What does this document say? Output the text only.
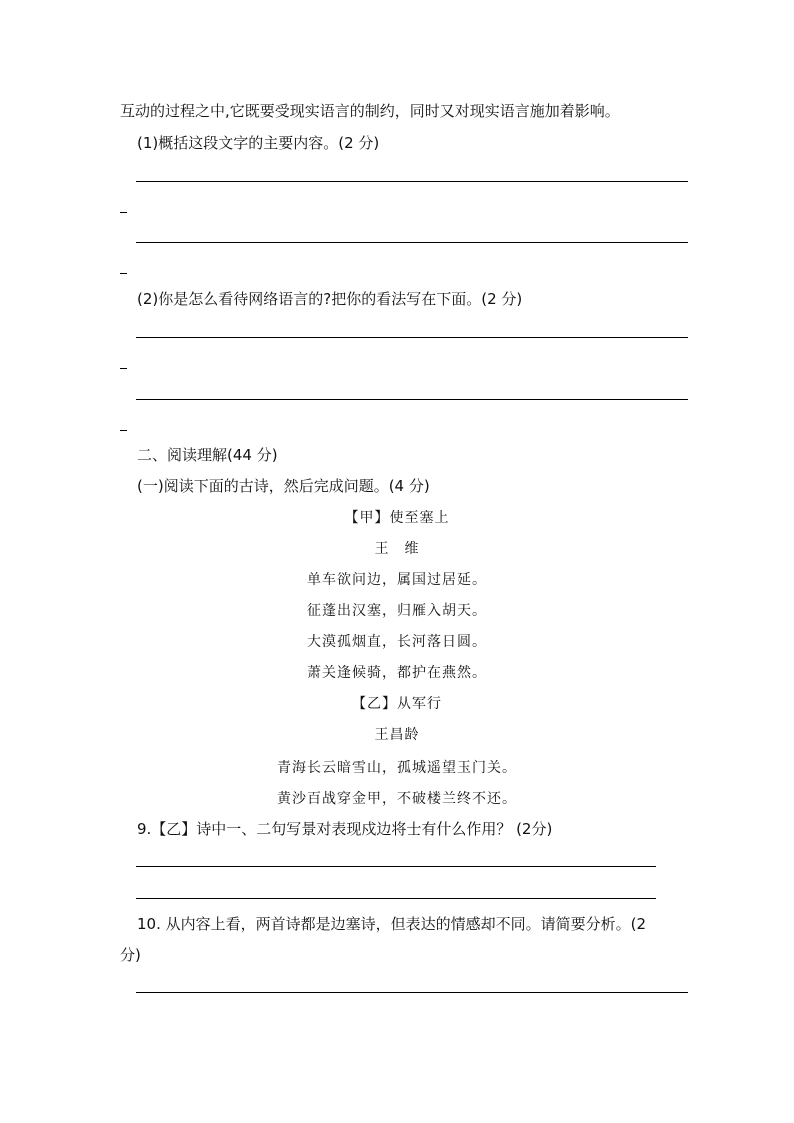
互动的过程之中,它既要受现实语言的制约，同时又对现实语言施加着影响。
(1)概括这段文字的主要内容。(2 分)
(2)你是怎么看待网络语言的?把你的看法写在下面。(2 分)
二、阅读理解(44 分)
(一)阅读下面的古诗，然后完成问题。(4 分)
【甲】使至塞上
王　维
单车欲问边，属国过居延。
征蓬出汉塞，归雁入胡天。
大漠孤烟直，长河落日圆。
萧关逢候骑，都护在燕然。
【乙】从军行
王昌龄
青海长云暗雪山，孤城遥望玉门关。
黄沙百战穿金甲，不破楼兰终不还。
9.【乙】诗中一、二句写景对表现戍边将士有什么作用？ (2分)
10. 从内容上看，两首诗都是边塞诗，但表达的情感却不同。请简要分析。(2
分)
